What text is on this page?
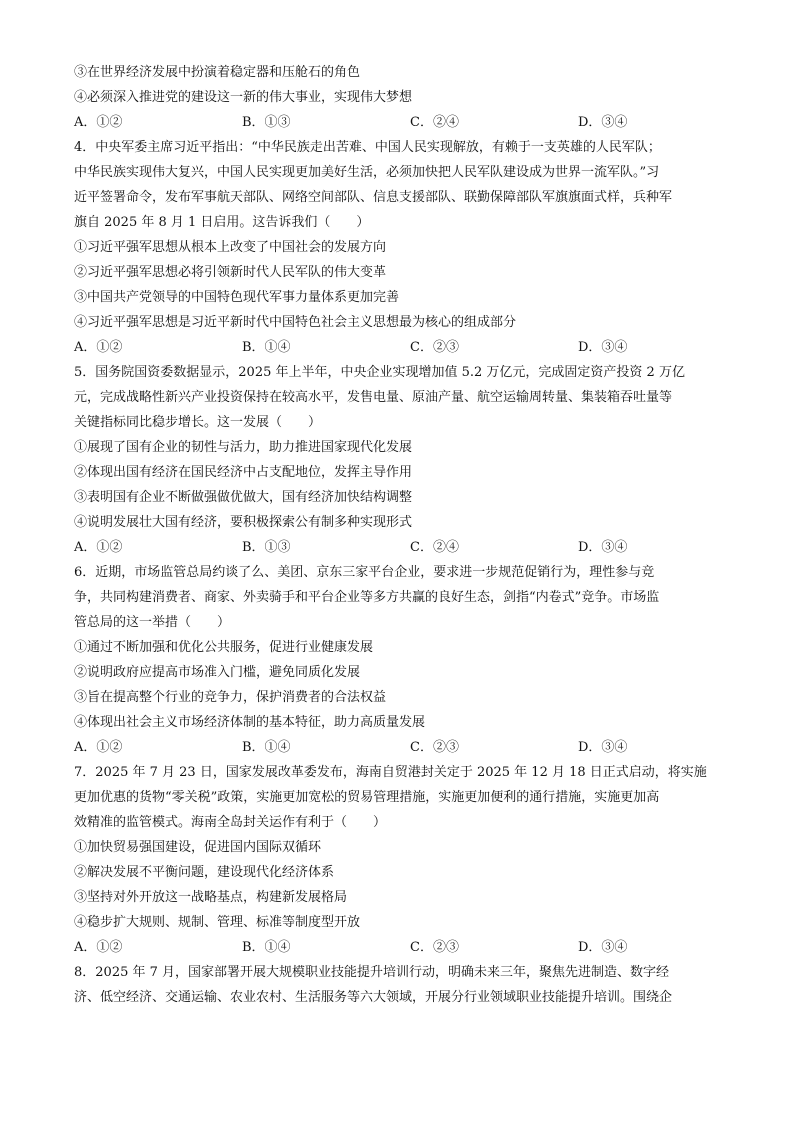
③在世界经济发展中扮演着稳定器和压舱石的角色
④必须深入推进党的建设这一新的伟大事业，实现伟大梦想
A．①②	B．①③	C．②④	D．③④
4．中央军委主席习近平指出：“中华民族走出苦难、中国人民实现解放，有赖于一支英雄的人民军队；
中华民族实现伟大复兴，中国人民实现更加美好生活，必须加快把人民军队建设成为世界一流军队。”习
近平签署命令，发布军事航天部队、网络空间部队、信息支援部队、联勤保障部队军旗旗面式样，兵种军
旗自 2025 年 8 月 1 日启用。这告诉我们（　　）
①习近平强军思想从根本上改变了中国社会的发展方向
②习近平强军思想必将引领新时代人民军队的伟大变革
③中国共产党领导的中国特色现代军事力量体系更加完善
④习近平强军思想是习近平新时代中国特色社会主义思想最为核心的组成部分
A．①②	B．①④	C．②③	D．③④
5．国务院国资委数据显示，2025 年上半年，中央企业实现增加值 5.2 万亿元，完成固定资产投资 2 万亿
元，完成战略性新兴产业投资保持在较高水平，发售电量、原油产量、航空运输周转量、集装箱吞吐量等
关键指标同比稳步增长。这一发展（　　）
①展现了国有企业的韧性与活力，助力推进国家现代化发展
②体现出国有经济在国民经济中占支配地位，发挥主导作用
③表明国有企业不断做强做优做大，国有经济加快结构调整
④说明发展壮大国有经济，要积极探索公有制多种实现形式
A．①②	B．①③	C．②④	D．③④
6．近期，市场监管总局约谈了么、美团、京东三家平台企业，要求进一步规范促销行为，理性参与竞
争，共同构建消费者、商家、外卖骑手和平台企业等多方共赢的良好生态，剑指“内卷式”竞争。市场监
管总局的这一举措（　　）
①通过不断加强和优化公共服务，促进行业健康发展
②说明政府应提高市场准入门槛，避免同质化发展
③旨在提高整个行业的竞争力，保护消费者的合法权益
④体现出社会主义市场经济体制的基本特征，助力高质量发展
A．①②	B．①④	C．②③	D．③④
7．2025 年 7 月 23 日，国家发展改革委发布，海南自贸港封关定于 2025 年 12 月 18 日正式启动，将实施
更加优惠的货物“零关税”政策，实施更加宽松的贸易管理措施，实施更加便利的通行措施，实施更加高
效精准的监管模式。海南全岛封关运作有利于（　　）
①加快贸易强国建设，促进国内国际双循环
②解决发展不平衡问题，建设现代化经济体系
③坚持对外开放这一战略基点，构建新发展格局
④稳步扩大规则、规制、管理、标准等制度型开放
A．①②	B．①④	C．②③	D．③④
8．2025 年 7 月，国家部署开展大规模职业技能提升培训行动，明确未来三年，聚焦先进制造、数字经
济、低空经济、交通运输、农业农村、生活服务等六大领域，开展分行业领域职业技能提升培训。围绕企
